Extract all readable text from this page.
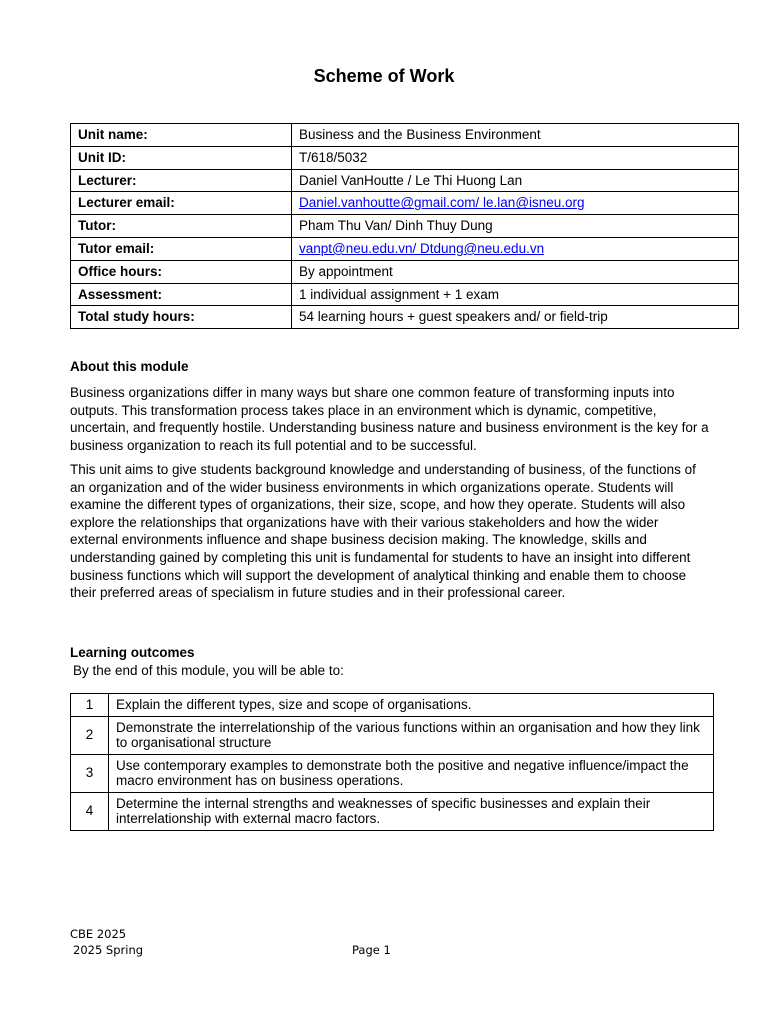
Scheme of Work
Unit name:	Business and the Business Environment
Unit ID:	T/618/5032
Lecturer:	Daniel VanHoutte / Le Thi Huong Lan
Lecturer email:	Daniel.vanhoutte@gmail.com/ le.lan@isneu.org
Tutor:	Pham Thu Van/ Dinh Thuy Dung
Tutor email:	vanpt@neu.edu.vn/ Dtdung@neu.edu.vn
Office hours:	By appointment
Assessment:	1 individual assignment + 1 exam
Total study hours:	54 learning hours + guest speakers and/ or field-trip
About this module

Business organizations differ in many ways but share one common feature of transforming inputs into outputs. This transformation process takes place in an environment which is dynamic, competitive, uncertain, and frequently hostile. Understanding business nature and business environment is the key for a business organization to reach its full potential and to be successful.

This unit aims to give students background knowledge and understanding of business, of the functions of an organization and of the wider business environments in which organizations operate. Students will examine the different types of organizations, their size, scope, and how they operate. Students will also explore the relationships that organizations have with their various stakeholders and how the wider external environments influence and shape business decision making. The knowledge, skills and understanding gained by completing this unit is fundamental for students to have an insight into different business functions which will support the development of analytical thinking and enable them to choose their preferred areas of specialism in future studies and in their professional career.

Learning outcomes
By the end of this module, you will be able to:
1	Explain the different types, size and scope of organisations.
2	Demonstrate the interrelationship of the various functions within an organisation and how they link to organisational structure
3	Use contemporary examples to demonstrate both the positive and negative influence/impact the macro environment has on business operations.
4	Determine the internal strengths and weaknesses of specific businesses and explain their interrelationship with external macro factors.
CBE 2025
2025 Spring	Page 1
